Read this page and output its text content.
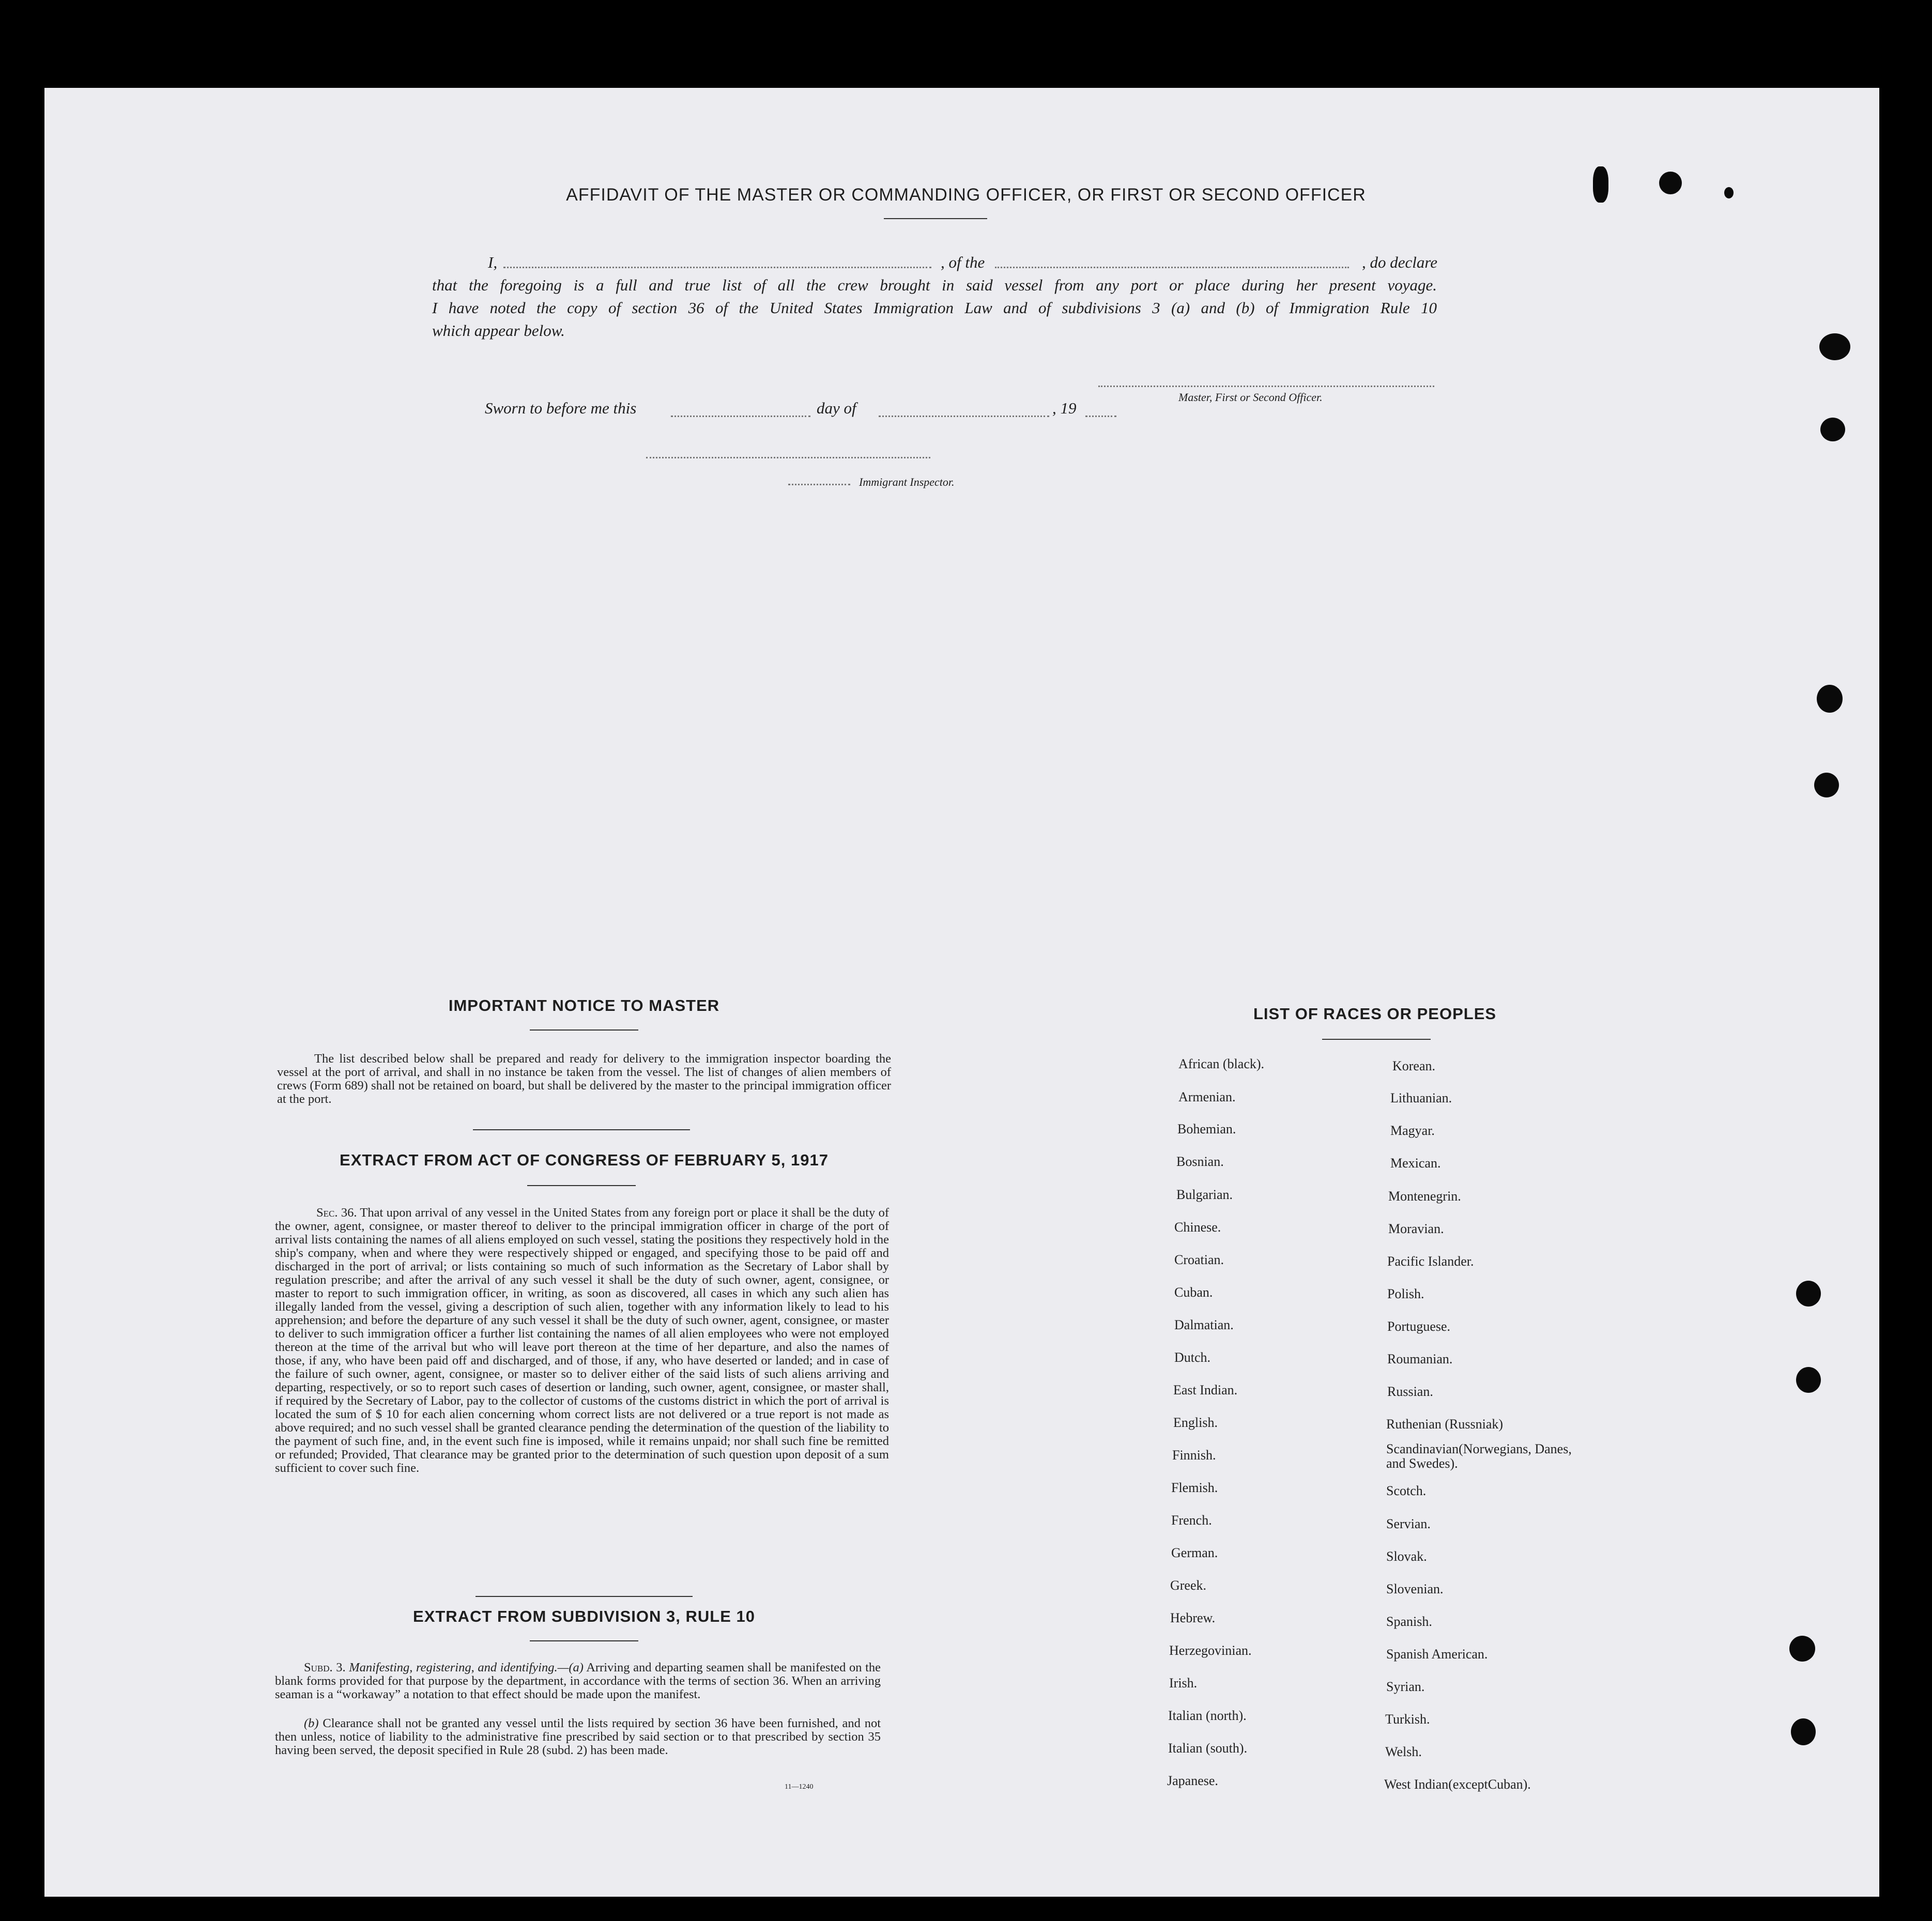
AFFIDAVIT OF THE MASTER OR COMMANDING OFFICER, OR FIRST OR SECOND OFFICER
I,	, of the	, do declare
that the foregoing is a full and true list of all the crew brought in said vessel from any port or place during her present voyage.
I have noted the copy of section 36 of the United States Immigration Law and of subdivisions 3 (a) and (b) of Immigration Rule 10
which appear below.
Master, First or Second Officer.
Sworn to before me this	day of	, 19
Immigrant Inspector.
IMPORTANT NOTICE TO MASTER
The list described below shall be prepared and ready for delivery to the immigration inspector boarding the vessel at the port of arrival, and shall in no instance be taken from the vessel. The list of changes of alien members of crews (Form 689) shall not be retained on board, but shall be delivered by the master to the principal immigration officer at the port.
EXTRACT FROM ACT OF CONGRESS OF FEBRUARY 5, 1917
Sec. 36. That upon arrival of any vessel in the United States from any foreign port or place it shall be the duty of the owner, agent, consignee, or master thereof to deliver to the principal immigration officer in charge of the port of arrival lists containing the names of all aliens employed on such vessel, stating the positions they respectively hold in the ship's company, when and where they were respectively shipped or engaged, and specifying those to be paid off and discharged in the port of arrival; or lists containing so much of such information as the Secretary of Labor shall by regulation prescribe; and after the arrival of any such vessel it shall be the duty of such owner, agent, consignee, or master to report to such immigration officer, in writing, as soon as discovered, all cases in which any such alien has illegally landed from the vessel, giving a description of such alien, together with any information likely to lead to his apprehension; and before the departure of any such vessel it shall be the duty of such owner, agent, consignee, or master to deliver to such immigration officer a further list containing the names of all alien employees who were not employed thereon at the time of the arrival but who will leave port thereon at the time of her departure, and also the names of those, if any, who have been paid off and discharged, and of those, if any, who have deserted or landed; and in case of the failure of such owner, agent, consignee, or master so to deliver either of the said lists of such aliens arriving and departing, respectively, or so to report such cases of desertion or landing, such owner, agent, consignee, or master shall, if required by the Secretary of Labor, pay to the collector of customs of the customs district in which the port of arrival is located the sum of $ 10 for each alien concerning whom correct lists are not delivered or a true report is not made as above required; and no such vessel shall be granted clearance pending the determination of the question of the liability to the payment of such fine, and, in the event such fine is imposed, while it remains unpaid; nor shall such fine be remitted or refunded; Provided, That clearance may be granted prior to the determination of such question upon deposit of a sum sufficient to cover such fine.
EXTRACT FROM SUBDIVISION 3, RULE 10
Subd. 3. Manifesting, registering, and identifying.—(a) Arriving and departing seamen shall be manifested on the blank forms provided for that purpose by the department, in accordance with the terms of section 36. When an arriving seaman is a “workaway” a notation to that effect should be made upon the manifest.
(b) Clearance shall not be granted any vessel until the lists required by section 36 have been furnished, and not then unless, notice of liability to the administrative fine prescribed by said section or to that prescribed by section 35 having been served, the deposit specified in Rule 28 (subd. 2) has been made.
11—1240
LIST OF RACES OR PEOPLES
African (black).
Armenian.
Bohemian.
Bosnian.
Bulgarian.
Chinese.
Croatian.
Cuban.
Dalmatian.
Dutch.
East Indian.
English.
Finnish.
Flemish.
French.
German.
Greek.
Hebrew.
Herzegovinian.
Irish.
Italian (north).
Italian (south).
Japanese.
Korean.
Lithuanian.
Magyar.
Mexican.
Montenegrin.
Moravian.
Pacific Islander.
Polish.
Portuguese.
Roumanian.
Russian.
Ruthenian (Russniak)
Scandinavian(Norwegians, Danes, and Swedes).
Scotch.
Servian.
Slovak.
Slovenian.
Spanish.
Spanish American.
Syrian.
Turkish.
Welsh.
West Indian(exceptCuban).
